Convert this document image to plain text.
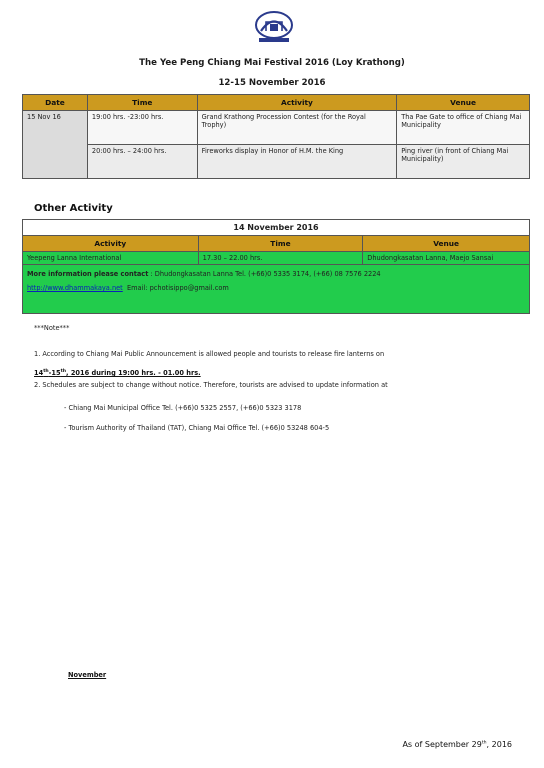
The Yee Peng Chiang Mai Festival 2016 (Loy Krathong)
12-15 November 2016
Date	Time	Activity	Venue
15 Nov 16	19:00 hrs. -23:00 hrs.	Grand Krathong Procession Contest (for the Royal Trophy)	Tha Pae Gate to office of Chiang Mai Municipality
	20:00 hrs. – 24:00 hrs.	Fireworks display in Honor of H.M. the King	Ping river (in front of Chiang Mai Municipality)
Other Activity
14 November 2016		
Activity	Time	Venue
Yeepeng Lanna International	17.30 – 22.00 hrs.	Dhudongkasatan Lanna, Maejo Sansai

More information please contact : Dhudongkasatan Lanna Tel. (+66)0 5335 3174, (+66) 08 7576 2224
http://www.dhammakaya.net Email: pchotisippo@gmail.com		
***Note***
1. According to Chiang Mai Public Announcement is allowed people and tourists to release fire lanterns on
November

14th-15th, 2016 during 19:00 hrs. - 01.00 hrs.
2. Schedules are subject to change without notice. Therefore, tourists are advised to update information at
- Chiang Mai Municipal Office Tel. (+66)0 5325 2557, (+66)0 5323 3178
- Tourism Authority of Thailand (TAT), Chiang Mai Office Tel. (+66)0 53248 604-5
As of September 29th, 2016
